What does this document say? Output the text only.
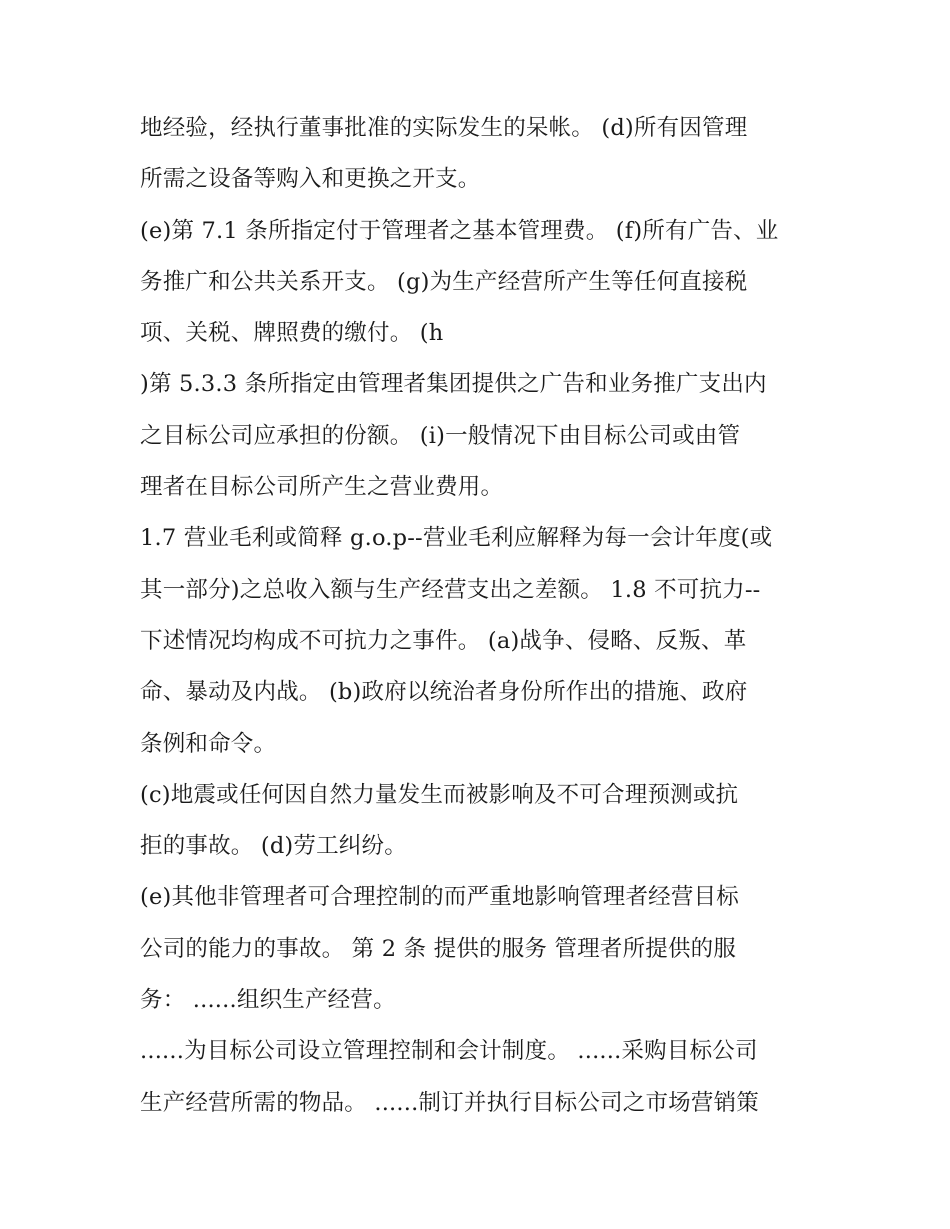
地经验，经执行董事批准的实际发生的呆帐。 (d)所有因管理
所需之设备等购入和更换之开支。
(e)第 7.1 条所指定付于管理者之基本管理费。 (f)所有广告、业
务推广和公共关系开支。 (g)为生产经营所产生等任何直接税
项、关税、牌照费的缴付。 (h
)第 5.3.3 条所指定由管理者集团提供之广告和业务推广支出内
之目标公司应承担的份额。 (i)一般情况下由目标公司或由管
理者在目标公司所产生之营业费用。
1.7 营业毛利或简释 g.o.p--营业毛利应解释为每一会计年度(或
其一部分)之总收入额与生产经营支出之差额。 1.8 不可抗力--
下述情况均构成不可抗力之事件。 (a)战争、侵略、反叛、革
命、暴动及内战。 (b)政府以统治者身份所作出的措施、政府
条例和命令。
(c)地震或任何因自然力量发生而被影响及不可合理预测或抗
拒的事故。 (d)劳工纠纷。
(e)其他非管理者可合理控制的而严重地影响管理者经营目标
公司的能力的事故。 第 2 条 提供的服务 管理者所提供的服
务： ......组织生产经营。
......为目标公司设立管理控制和会计制度。 ......采购目标公司
生产经营所需的物品。 ......制订并执行目标公司之市场营销策
